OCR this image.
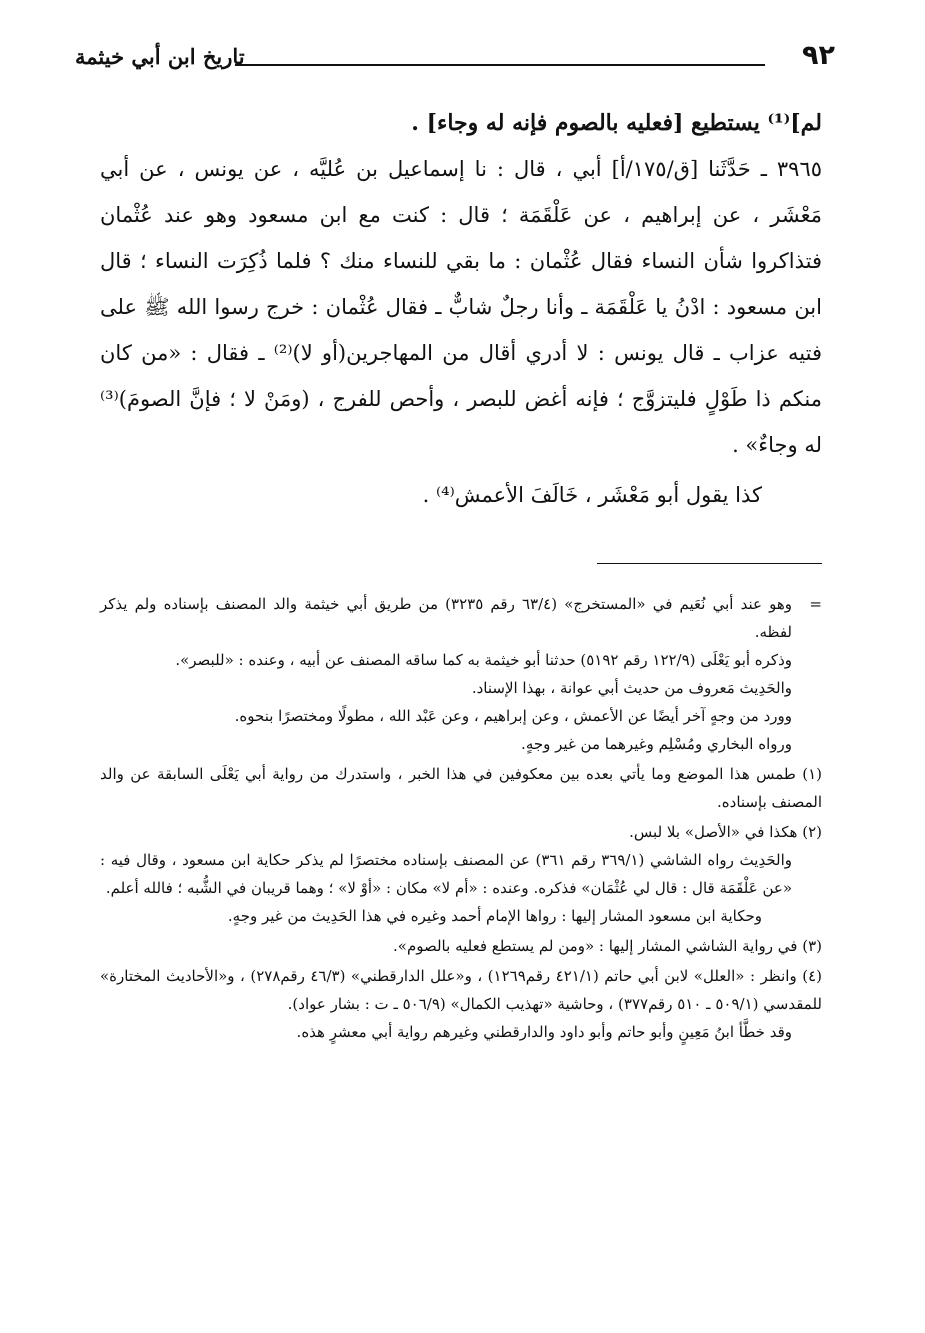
٩٢
تاريخ ابن أبي خيثمة

لم]⁽¹⁾ يستطيع [فعليه بالصوم فإنه له وجاء] .

٣٩٦٥ ـ حَدَّثَنا [ق/١٧٥/أ] أبي ، قال : نا إسماعيل بن عُليَّه ، عن يونس ، عن أبي مَعْشَر ، عن إبراهيم ، عن عَلْقَمَة ؛ قال : كنت مع ابن مسعود وهو عند عُثْمان فتذاكروا شأن النساء فقال عُثْمان : ما بقي للنساء منك ؟ فلما ذُكِرَت النساء ؛ قال ابن مسعود : ادْنُ يا عَلْقَمَة ـ وأنا رجلٌ شابٌّ ـ فقال عُثْمان : خرج رسوا الله ﷺ على فتيه عزاب ـ قال يونس : لا أدري أقال من المهاجرين(أو لا)⁽²⁾ ـ فقال : «من كان منكم ذا طَوْلٍ فليتزوَّج ؛ فإنه أغض للبصر ، وأحص للفرج ، (ومَنْ لا ؛ فإنَّ الصومَ)⁽³⁾ له وجاءٌ» .

كذا يقول أبو مَعْشَر ، خَالَفَ الأعمش⁽⁴⁾ .

=
وهو عند أبي نُعَيم في «المستخرج» (٦٣/٤ رقم ٣٢٣٥) من طريق أبي خيثمة والد المصنف بإسناده ولم يذكر لفظه.

وذكره أبو يَعْلَى (١٢٢/٩ رقم ٥١٩٢) حدثنا أبو خيثمة به كما ساقه المصنف عن أبيه ، وعنده : «للبصر».

والحَدِيث مَعروف من حديث أبي عوانة ، بهذا الإسناد.

وورد من وجهٍ آخر أيضًا عن الأعمش ، وعن إبراهيم ، وعن عَبْد الله ، مطولًا ومختصرًا بنحوه.

ورواه البخاري ومُسْلِم وغيرهما من غير وجهٍ.

(١) طمس هذا الموضع وما يأتي بعده بين معكوفين في هذا الخبر ، واستدرك من رواية أبي يَعْلَى السابقة عن والد المصنف بإسناده.

(٢) هكذا في «الأصل» بلا لبس.

والحَدِيث رواه الشاشي (٣٦٩/١ رقم ٣٦١) عن المصنف بإسناده مختصرًا لم يذكر حكاية ابن مسعود ، وقال فيه : «عن عَلْقَمَة قال : قال لي عُثْمَان» فذكره. وعنده : «أم لا» مكان : «أوْ لا» ؛ وهما قريبان في الشُّبه ؛ فالله أعلم.

وحكاية ابن مسعود المشار إليها : رواها الإمام أحمد وغيره في هذا الحَدِيث من غير وجهٍ.

(٣) في رواية الشاشي المشار إليها : «ومن لم يستطع فعليه بالصوم».

(٤) وانظر : «العلل» لابن أبي حاتم (٤٢١/١ رقم١٢٦٩) ، و«علل الدارقطني» (٤٦/٣ رقم٢٧٨) ، و«الأحاديث المختارة» للمقدسي (٥٠٩/١ ـ ٥١٠ رقم٣٧٧) ، وحاشية «تهذيب الكمال» (٥٠٦/٩ ـ ت : بشار عواد).

وقد خطَّأ ابنُ مَعِينٍ وأبو حاتم وأبو داود والدارقطني وغيرهم رواية أبي معشرٍ هذه.
